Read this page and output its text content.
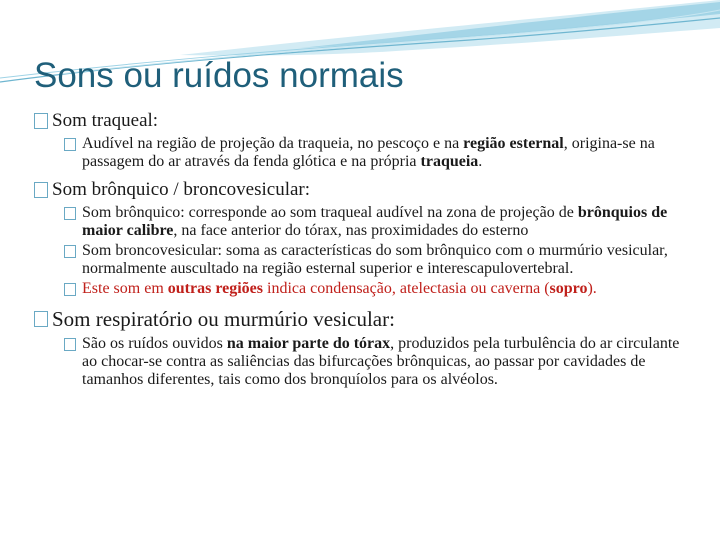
Sons ou ruídos normais
Som traqueal:
Audível na região de projeção da traqueia, no pescoço e na região esternal, origina-se na passagem do ar através da fenda glótica e na própria traqueia.
Som brônquico / broncovesicular:
Som brônquico: corresponde ao som traqueal audível na zona de projeção de brônquios de maior calibre, na face anterior do tórax, nas proximidades do esterno
Som broncovesicular: soma as características do som brônquico com o murmúrio vesicular, normalmente auscultado na região esternal superior e interescapulovertebral.
Este som em outras regiões indica condensação, atelectasia ou caverna (sopro).
Som respiratório ou murmúrio vesicular:
São os ruídos ouvidos na maior parte do tórax, produzidos pela turbulência do ar circulante ao chocar-se contra as saliências das bifurcações brônquicas, ao passar por cavidades de tamanhos diferentes, tais como dos bronquíolos para os alvéolos.
